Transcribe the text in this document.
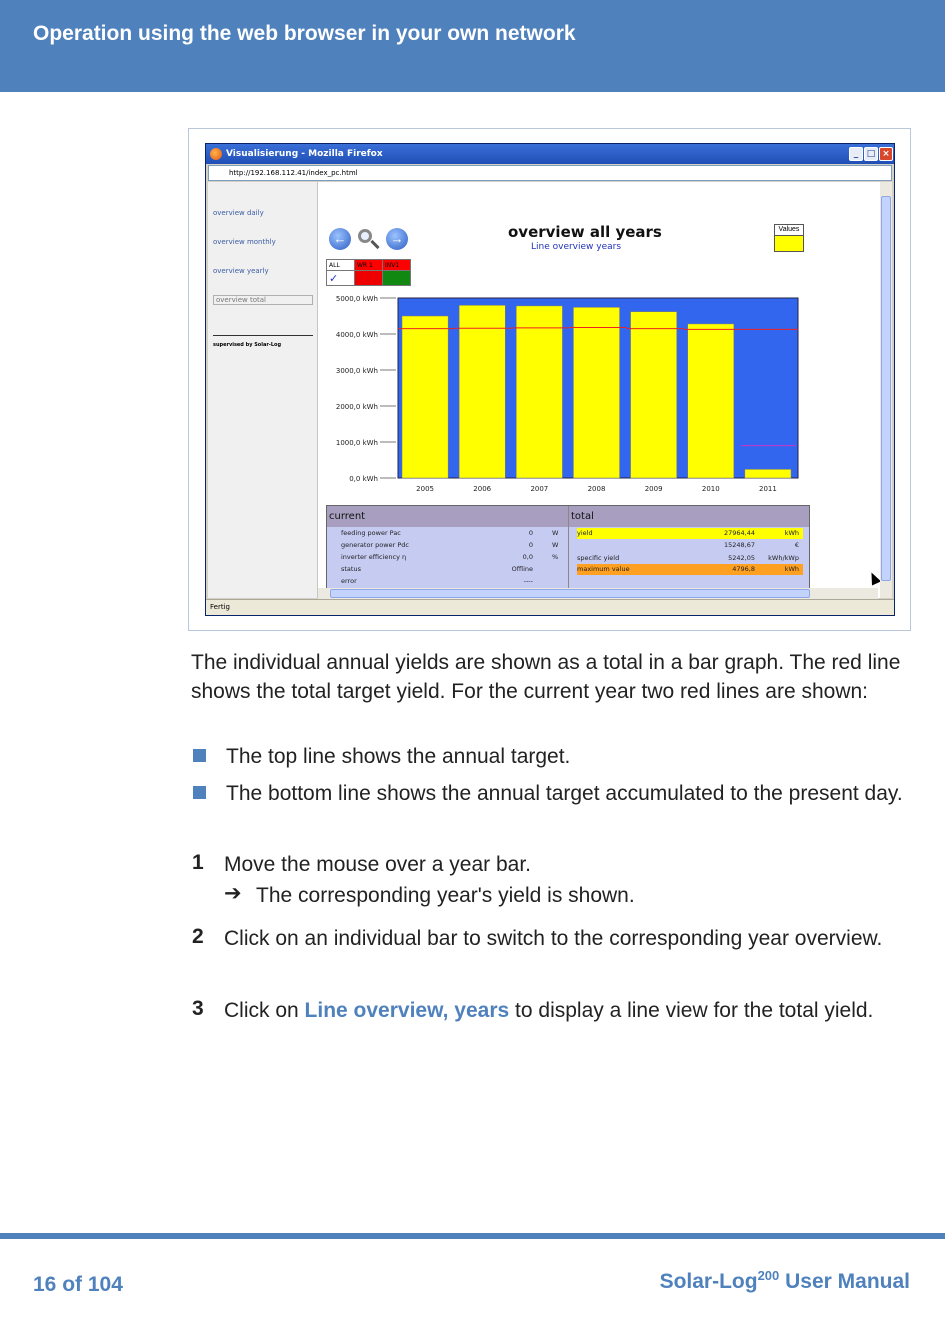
Operation using the web browser in your own network
Visualisierung - Mozilla Firefox	_ □ ×
http://192.168.112.41/index_pc.html
overview daily
overview monthly
overview yearly
overview total
supervised by Solar-Log
←	→	overview all years
Line overview years
Values
ALL	WR 1	INV1
✓		
0,0 kWh
1000,0 kWh
2000,0 kWh
3000,0 kWh
4000,0 kWh
5000,0 kWh
2005	2006	2007	2008	2009	2010	2011
current	total
feeding power Pac	0	W
generator power Pdc	0	W
inverter efficiency η	0,0	%
status	Offline
error	----
yield	27964,44	kWh
15248,67	€
specific yield	5242,05 kWh/kWp
maximum value	4796,8	kWh
Fertig
The individual annual yields are shown as a total in a bar graph. The red line shows the total target yield. For the current year two red lines are shown:
The top line shows the annual target.
The bottom line shows the annual target accumulated to the present day.
1 Move the mouse over a year bar.
➔ The corresponding year's yield is shown.
2 Click on an individual bar to switch to the corresponding year overview.
3 Click on Line overview, years to display a line view for the total yield.
16 of 104	Solar-Log$^{200}$ User Manual
